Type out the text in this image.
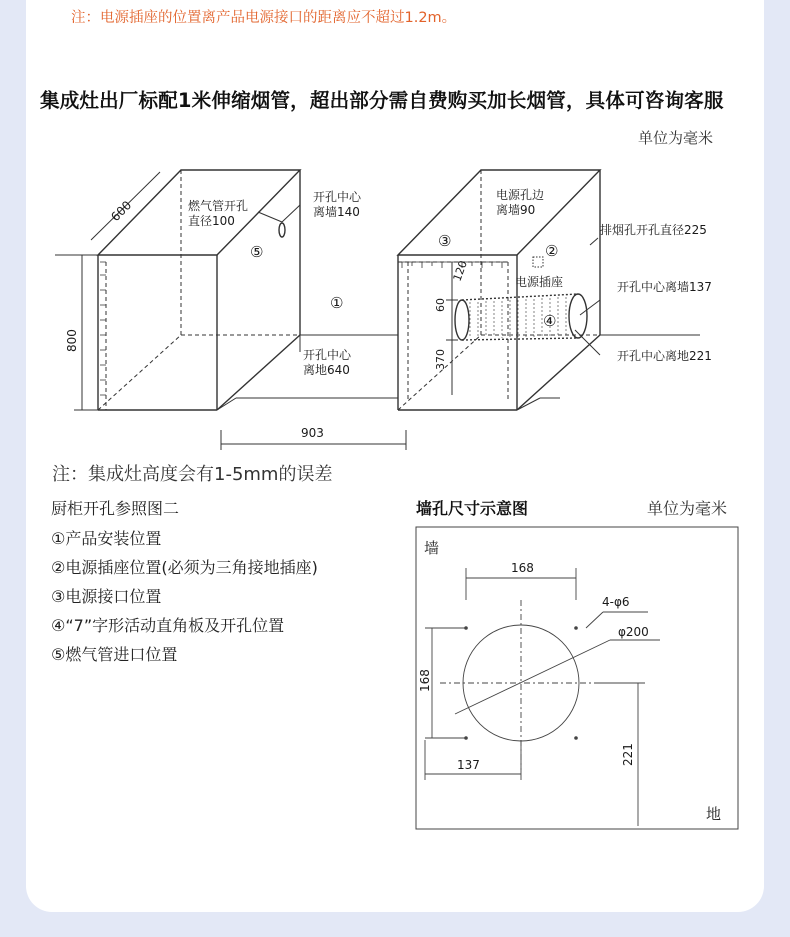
注：电源插座的位置离产品电源接口的距离应不超过1.2m。
集成灶出厂标配1米伸缩烟管，超出部分需自费购买加长烟管，具体可咨询客服
单位为毫米
600
800
903
燃气管开孔
直径100
开孔中心
离墙140
开孔中心
离地640
电源孔边
离墙90
电源插座
排烟孔开孔直径225
开孔中心离墙137
开孔中心离地221
120
60
370
①
②
③
④
⑤
注：集成灶高度会有1-5mm的误差
厨柜开孔参照图二
①产品安装位置
②电源插座位置(必须为三角接地插座)
③电源接口位置
④“7”字形活动直角板及开孔位置
⑤燃气管进口位置
墙孔尺寸示意图	单位为毫米
墙
地
168
168
137	221
4-φ6
φ200
